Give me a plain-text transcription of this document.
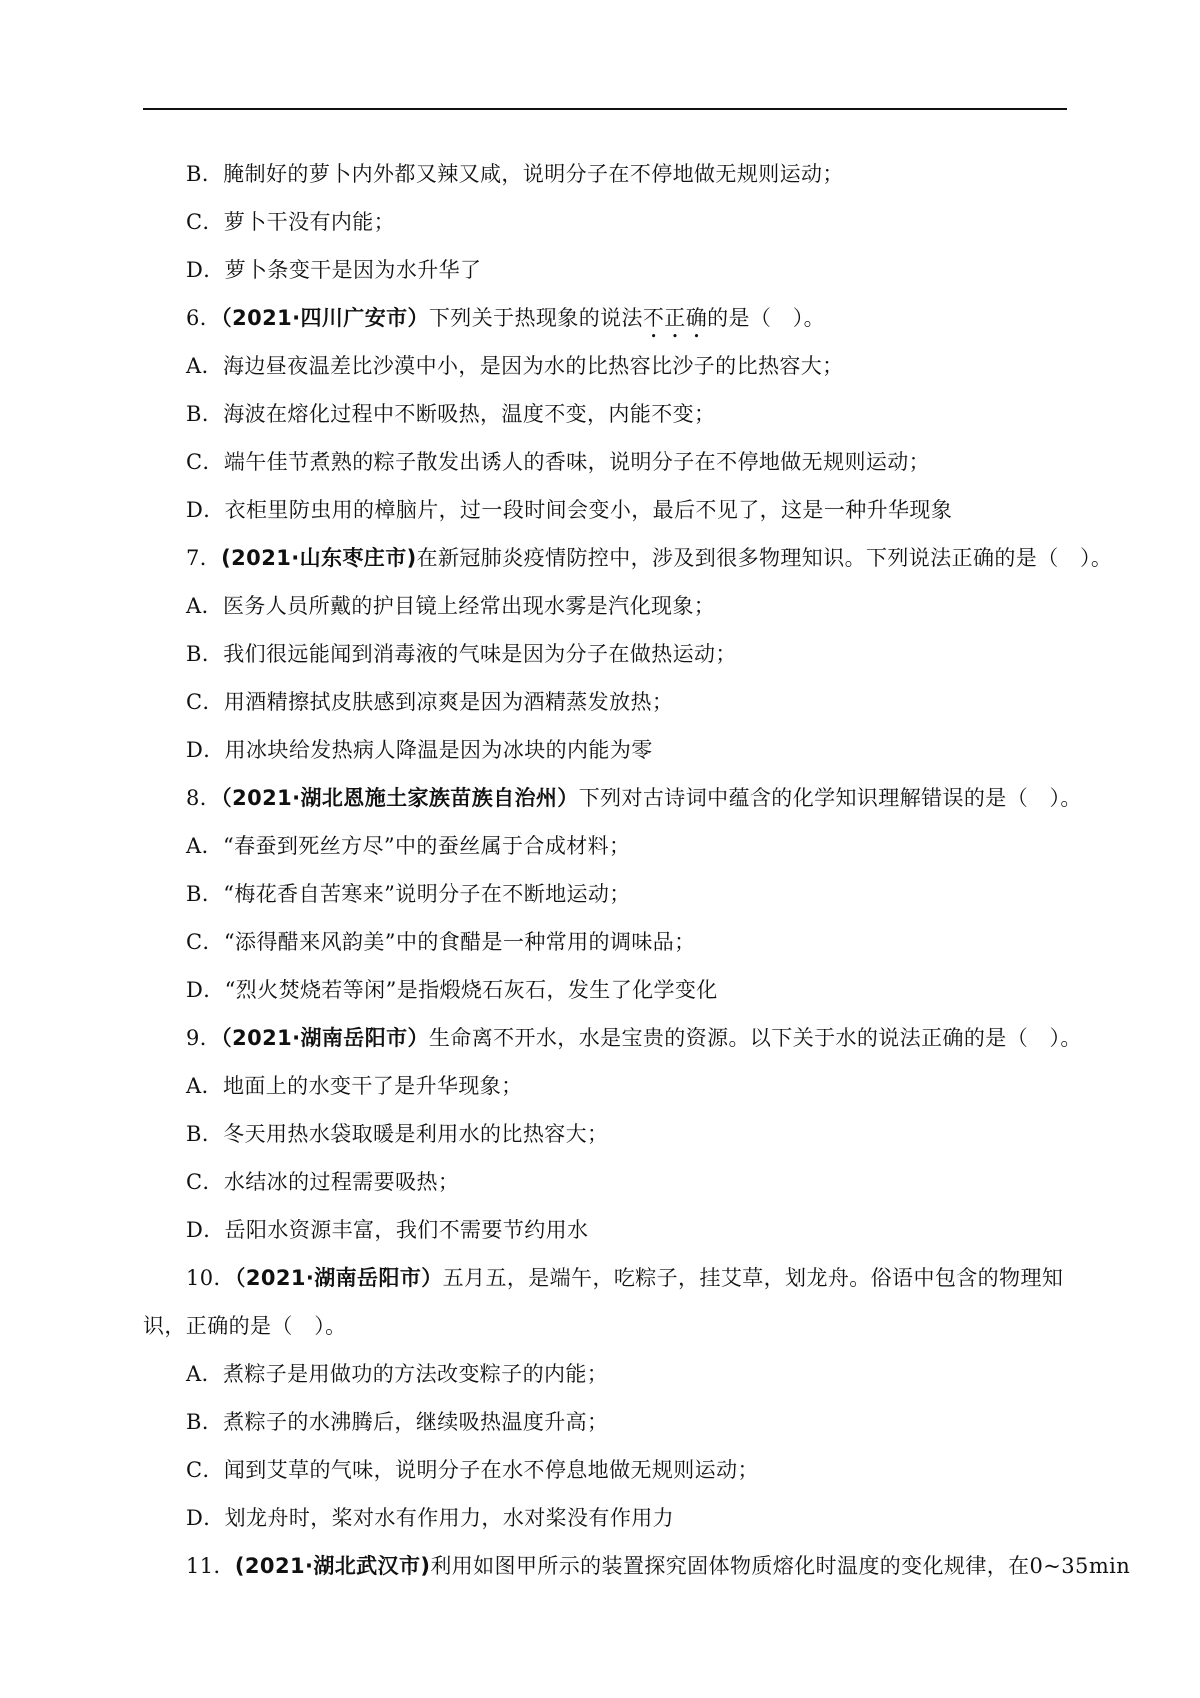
B．腌制好的萝卜内外都又辣又咸，说明分子在不停地做无规则运动；
C．萝卜干没有内能；
D．萝卜条变干是因为水升华了
6．（2021·四川广安市）下列关于热现象的说法不正确的是（　）。
A．海边昼夜温差比沙漠中小，是因为水的比热容比沙子的比热容大；
B．海波在熔化过程中不断吸热，温度不变，内能不变；
C．端午佳节煮熟的粽子散发出诱人的香味，说明分子在不停地做无规则运动；
D．衣柜里防虫用的樟脑片，过一段时间会变小，最后不见了，这是一种升华现象
7．(2021·山东枣庄市)在新冠肺炎疫情防控中，涉及到很多物理知识。下列说法正确的是（　）。
A．医务人员所戴的护目镜上经常出现水雾是汽化现象；
B．我们很远能闻到消毒液的气味是因为分子在做热运动；
C．用酒精擦拭皮肤感到凉爽是因为酒精蒸发放热；
D．用冰块给发热病人降温是因为冰块的内能为零
8．（2021·湖北恩施土家族苗族自治州）下列对古诗词中蕴含的化学知识理解错误的是（　）。
A．“春蚕到死丝方尽”中的蚕丝属于合成材料；
B．“梅花香自苦寒来”说明分子在不断地运动；
C．“添得醋来风韵美”中的食醋是一种常用的调味品；
D．“烈火焚烧若等闲”是指煅烧石灰石，发生了化学变化
9．（2021·湖南岳阳市）生命离不开水，水是宝贵的资源。以下关于水的说法正确的是（　）。
A．地面上的水变干了是升华现象；
B．冬天用热水袋取暖是利用水的比热容大；
C．水结冰的过程需要吸热；
D．岳阳水资源丰富，我们不需要节约用水
10．（2021·湖南岳阳市）五月五，是端午，吃粽子，挂艾草，划龙舟。俗语中包含的物理知
识，正确的是（　）。
A．煮粽子是用做功的方法改变粽子的内能；
B．煮粽子的水沸腾后，继续吸热温度升高；
C．闻到艾草的气味，说明分子在水不停息地做无规则运动；
D．划龙舟时，桨对水有作用力，水对桨没有作用力
11．(2021·湖北武汉市)利用如图甲所示的装置探究固体物质熔化时温度的变化规律，在0~35min
